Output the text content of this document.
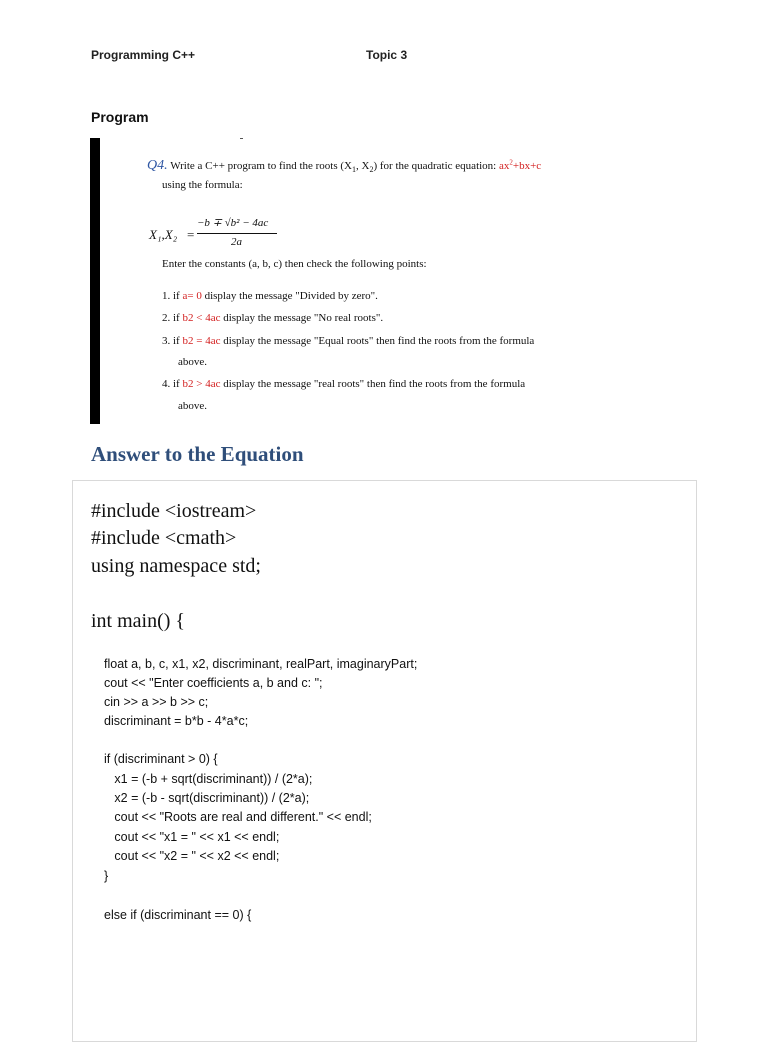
Programming C++	Topic 3
Program
Q4. Write a C++ program to find the roots ($X_1$, $X_2$) for the quadratic equation: $ax^2+bx+c$
using the formula:
X₁,X₂ =
−b ∓ √b² − 4ac
2a
Enter the constants (a, b, c) then check the following points:
1. if a= 0 display the message "Divided by zero".
2. if b2 < 4ac display the message "No real roots".
3. if b2 = 4ac display the message "Equal roots" then find the roots from the formula
above.
4. if b2 > 4ac display the message "real roots" then find the roots from the formula
above.
Answer to the Equation
#include <iostream>
#include <cmath>
using namespace std;
int main() {
float a, b, c, x1, x2, discriminant, realPart, imaginaryPart;
cout << "Enter coefficients a, b and c: ";
cin >> a >> b >> c;
discriminant = b*b - 4*a*c;
if (discriminant > 0) {
x1 = (-b + sqrt(discriminant)) / (2*a);
x2 = (-b - sqrt(discriminant)) / (2*a);
cout << "Roots are real and different." << endl;
cout << "x1 = " << x1 << endl;
cout << "x2 = " << x2 << endl;
}
else if (discriminant == 0) {
